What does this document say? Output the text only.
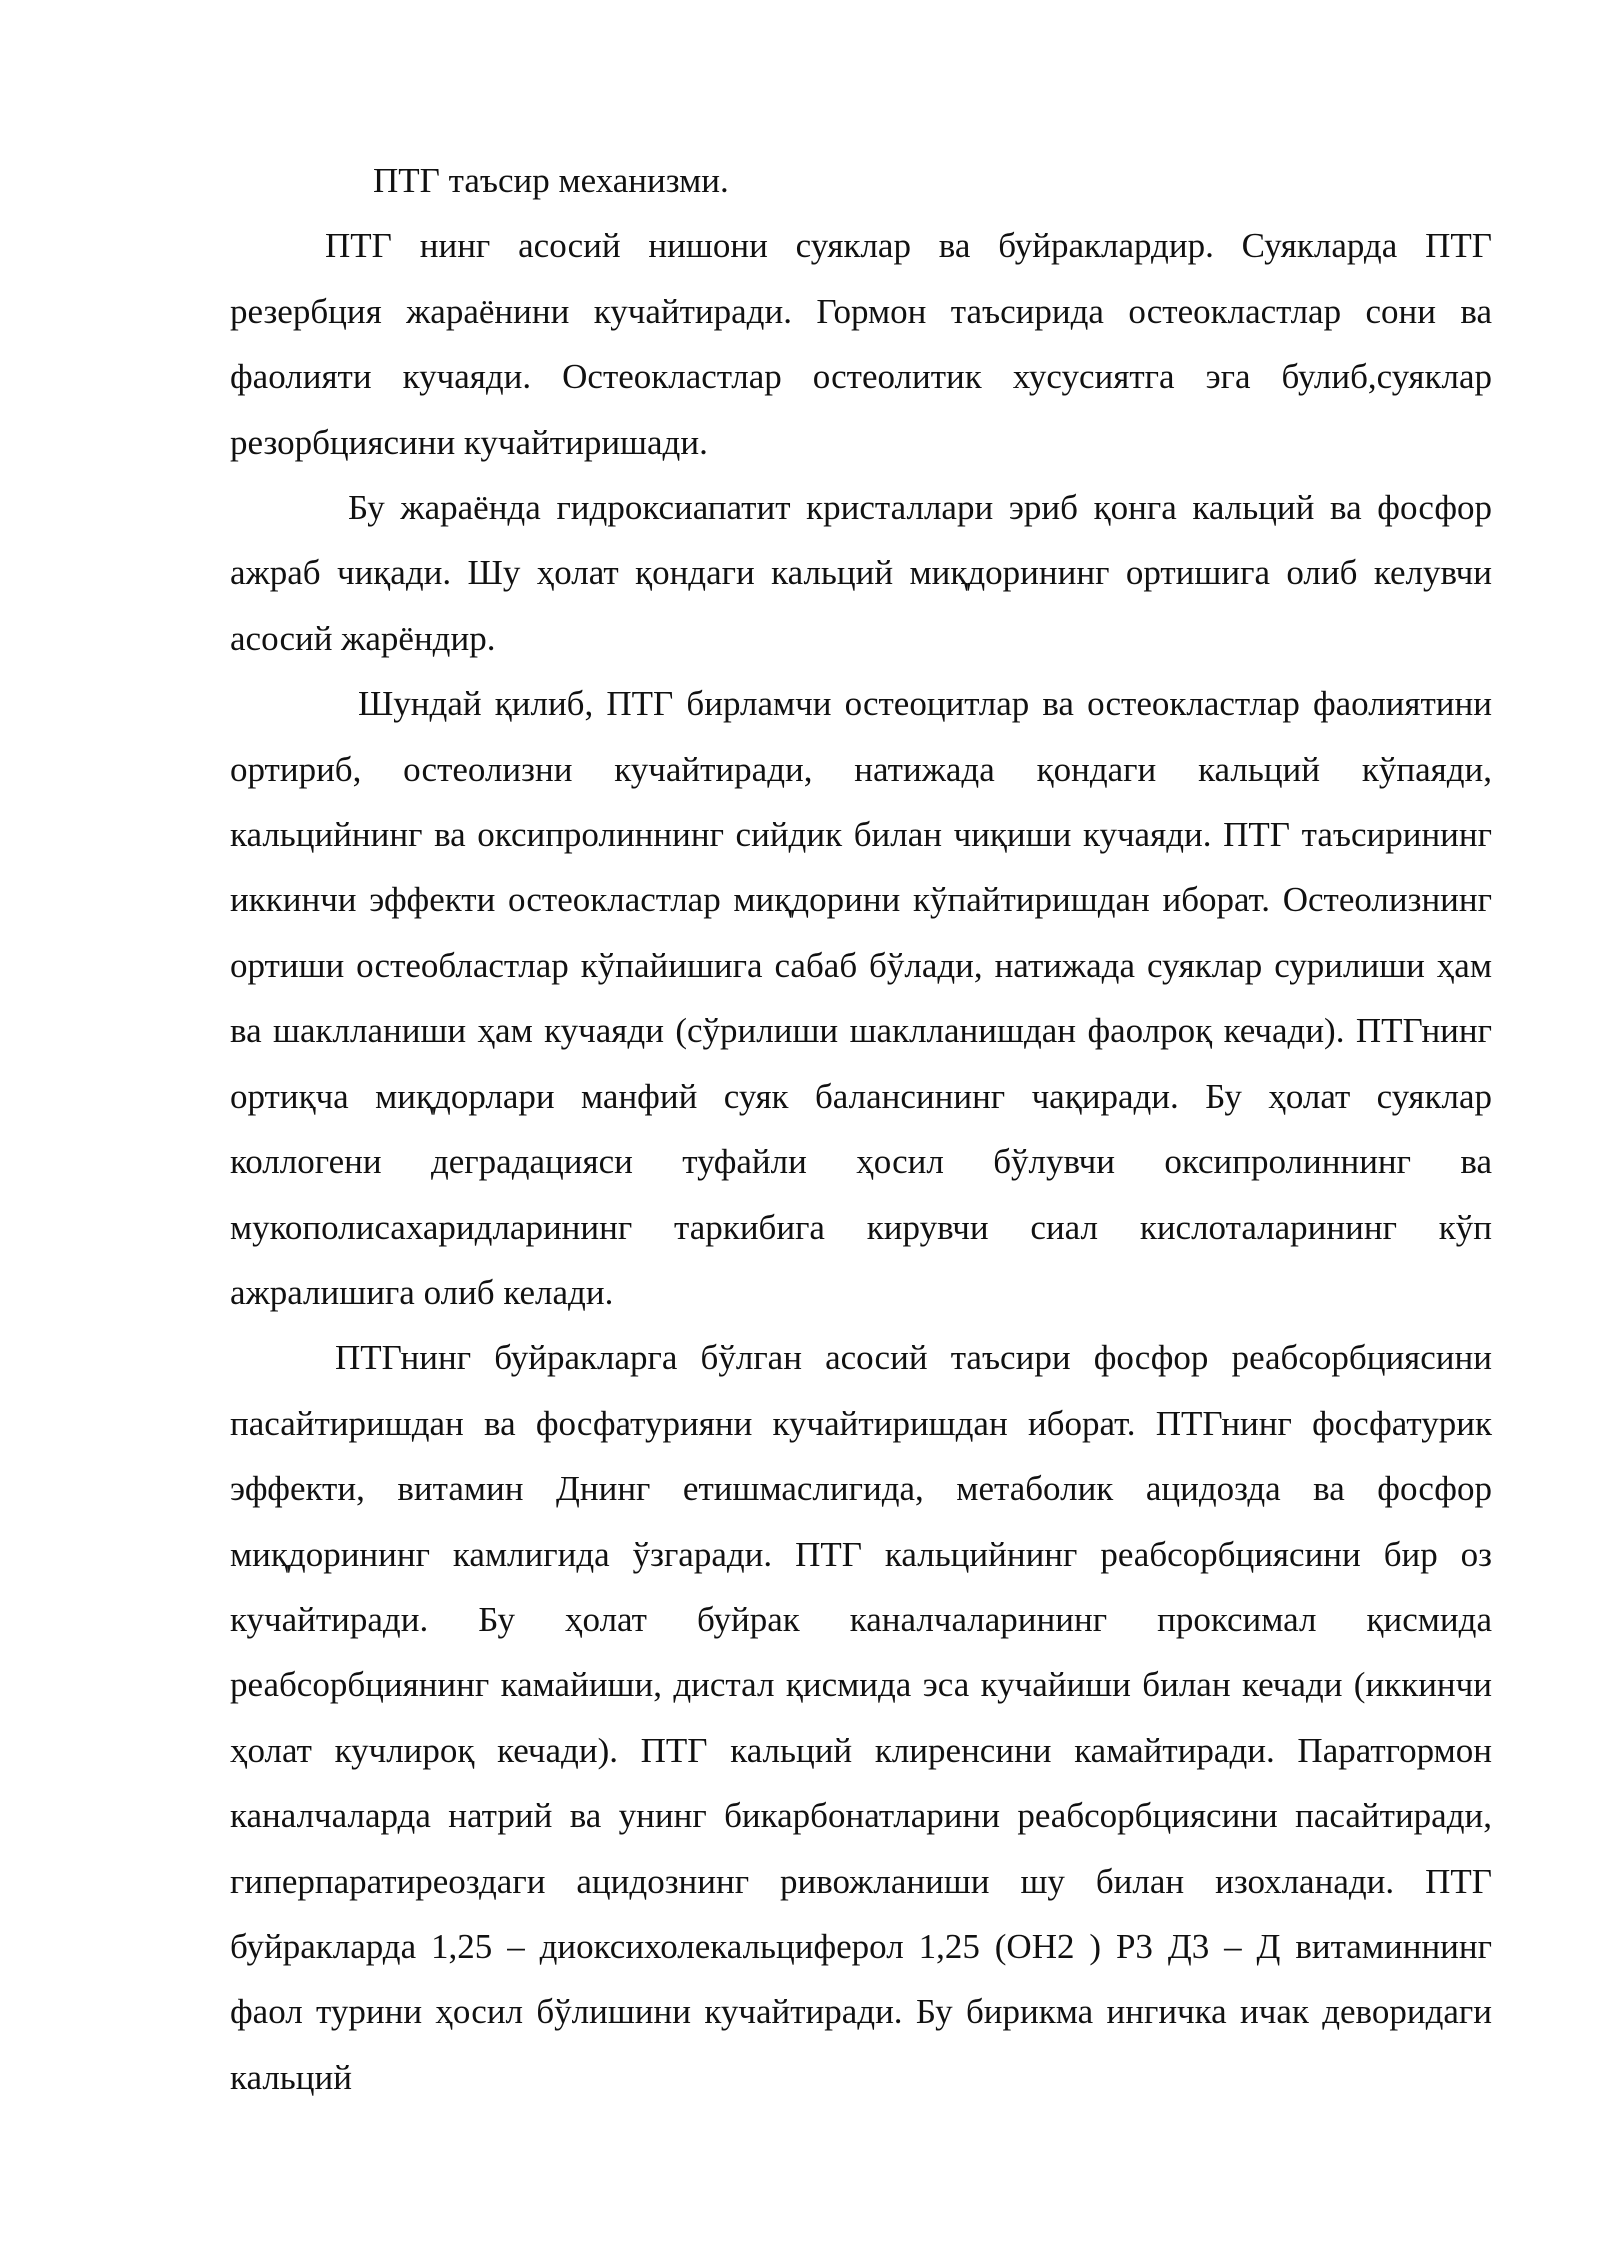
ПТГ таъсир механизми.

ПТГ нинг асосий нишони суяклар ва буйраклардир. Суякларда ПТГ резербция жараёнини кучайтиради. Гормон таъсирида остеокластлар сони ва фаолияти кучаяди. Остеокластлар остеолитик хусусиятга эга булиб,суяклар резорбциясини кучайтиришади.

Бу жараёнда гидроксиапатит кристаллари эриб қонга кальций ва фосфор ажраб чиқади. Шу ҳолат қондаги кальций миқдорининг ортишига олиб келувчи асосий жарёндир.

Шундай қилиб, ПТГ бирламчи остеоцитлар ва остеокластлар фаолиятини ортириб, остеолизни кучайтиради, натижада қондаги кальций кўпаяди, кальцийнинг ва оксипролиннинг сийдик билан чиқиши кучаяди. ПТГ таъсирининг иккинчи эффекти остеокластлар миқдорини кўпайтиришдан иборат. Остеолизнинг ортиши остеобластлар кўпайишига сабаб бўлади, натижада суяклар сурилиши ҳам ва шаклланиши ҳам кучаяди (сўрилиши шаклланишдан фаолроқ кечади). ПТГнинг ортиқча миқдорлари манфий суяк балансининг чақиради. Бу ҳолат суяклар коллогени деградацияси туфайли ҳосил бўлувчи оксипролиннинг ва мукополисахаридларининг таркибига кирувчи сиал кислоталарининг кўп ажралишига олиб келади.

ПТГнинг буйракларга бўлган асосий таъсири фосфор реабсорбциясини пасайтиришдан ва фосфатурияни кучайтиришдан иборат. ПТГнинг фосфатурик эффекти, витамин Днинг етишмаслигида, метаболик ацидозда ва фосфор миқдорининг камлигида ўзгаради. ПТГ кальцийнинг реабсорбциясини бир оз кучайтиради. Бу ҳолат буйрак каналчаларининг проксимал қисмида реабсорбциянинг камайиши, дистал қисмида эса кучайиши билан кечади (иккинчи ҳолат кучлироқ кечади). ПТГ кальций клиренсини камайтиради. Паратгормон каналчаларда натрий ва унинг бикарбонатларини реабсорбциясини пасайтиради, гиперпаратиреоздаги ацидознинг ривожланиши шу билан изохланади. ПТГ буйракларда 1,25 – диоксихолекальциферол 1,25 (ОН2 ) Р3 Д3 – Д витаминнинг фаол турини ҳосил бўлишини кучайтиради. Бу бирикма ингичка ичак деворидаги кальций
